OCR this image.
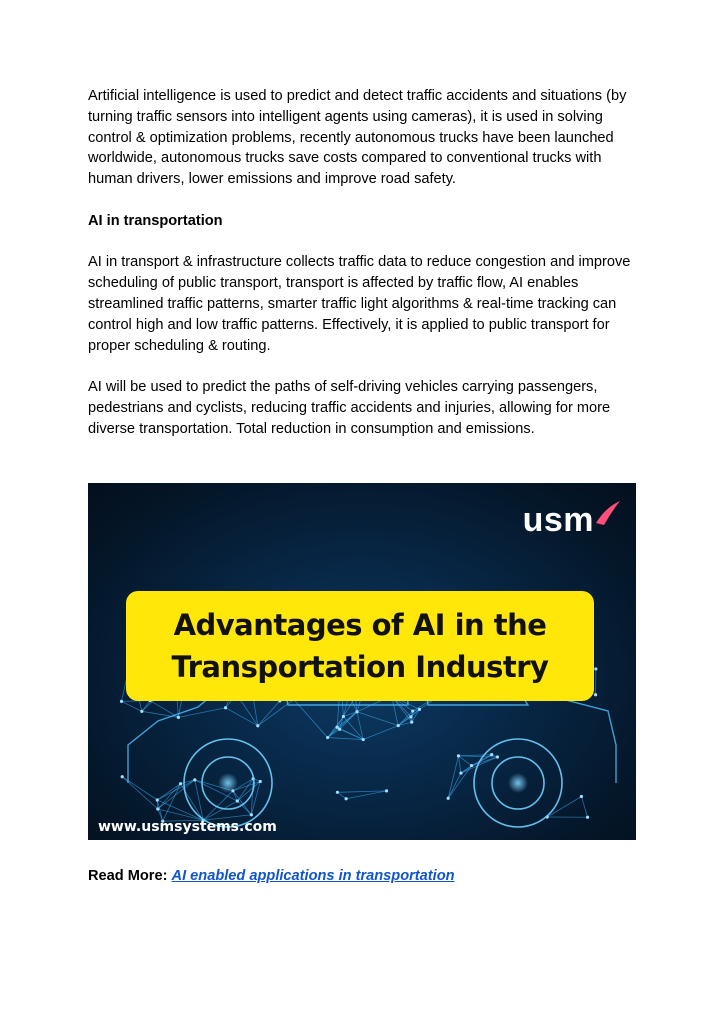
Artificial intelligence is used to predict and detect traffic accidents and situations (by turning traffic sensors into intelligent agents using cameras), it is used in solving control & optimization problems, recently autonomous trucks have been launched worldwide, autonomous trucks save costs compared to conventional trucks with human drivers, lower emissions and improve road safety.

AI in transportation

AI in transport & infrastructure collects traffic data to reduce congestion and improve scheduling of public transport, transport is affected by traffic flow, AI enables streamlined traffic patterns, smarter traffic light algorithms & real-time tracking can control high and low traffic patterns. Effectively, it is applied to public transport for proper scheduling & routing.

AI will be used to predict the paths of self-driving vehicles carrying passengers, pedestrians and cyclists, reducing traffic accidents and injuries, allowing for more diverse transportation. Total reduction in consumption and emissions.

usm
Advantages of AI in the
Transportation Industry
www.usmsystems.com

Read More: AI enabled applications in transportation
